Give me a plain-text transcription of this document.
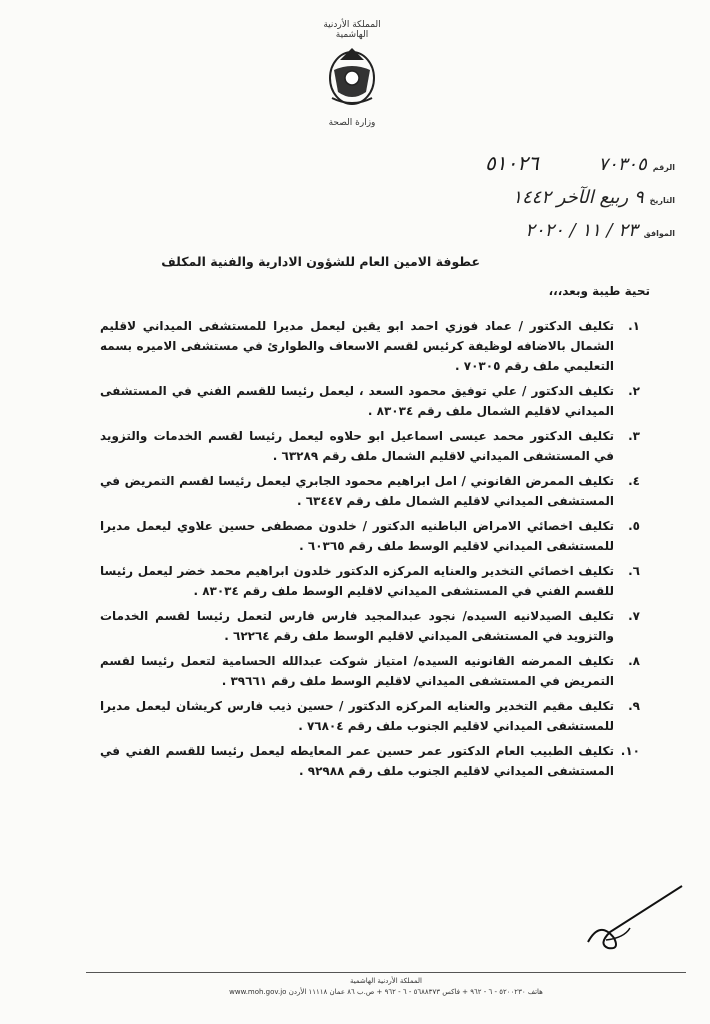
المملكة الأردنية الهاشمية
وزارة الصحة
الرقم
٧٠٣٠٥
٥١٠٢٦
التاريخ
٩ ربيع الآخر ١٤٤٢
الموافق
٢٣ / ١١ / ٢٠٢٠
عطوفة الامين العام للشؤون الادارية والفنية المكلف
تحية طيبة وبعد،،،
١.
تكليف الدكتور / عماد فوزي احمد ابو يقين ليعمل مديرا للمستشفى الميداني لاقليم الشمال بالاضافه لوظيفة كرئيس لقسم الاسعاف والطوارئ في مستشفى الاميره بسمه التعليمي ملف رقم ٧٠٣٠٥ .
٢.
تكليف الدكتور / علي توفيق محمود السعد ، ليعمل رئيسا للقسم الفني في المستشفى الميداني لاقليم الشمال ملف رقم ٨٣٠٣٤ .
٣.
تكليف الدكتور محمد عيسى اسماعيل ابو حلاوه ليعمل رئيسا لقسم الخدمات والتزويد في المستشفى الميداني لاقليم الشمال ملف رقم ٦٣٢٨٩ .
٤.
تكليف الممرض القانوني / امل ابراهيم محمود الجابري ليعمل رئيسا لقسم التمريض في المستشفى الميداني لاقليم الشمال ملف رقم ٦٣٤٤٧ .
٥.
تكليف اخصائي الامراض الباطنيه الدكتور / خلدون مصطفى حسين علاوي ليعمل مديرا للمستشفى الميداني لاقليم الوسط ملف رقم ٦٠٣٦٥ .
٦.
تكليف اخصائي التخدير والعنايه المركزه الدكتور خلدون ابراهيم محمد خضر ليعمل رئيسا للقسم الفني في المستشفى الميداني لاقليم الوسط ملف رقم ٨٣٠٣٤ .
٧.
تكليف الصيدلانيه السيده/ نجود عبدالمجيد فارس فارس لتعمل رئيسا لقسم الخدمات والتزويد في المستشفى الميداني لاقليم الوسط ملف رقم ٦٢٢٦٤ .
٨.
تكليف الممرضه القانونيه السيده/ امتياز شوكت عبدالله الحسامية لتعمل رئيسا لقسم التمريض في المستشفى الميداني لاقليم الوسط ملف رقم ٣٩٦٦١ .
٩.
تكليف مقيم التخدير والعنايه المركزه الدكتور / حسين ذيب فارس كريشان ليعمل مديرا للمستشفى الميداني لاقليم الجنوب ملف رقم ٧٦٨٠٤ .
١٠.
تكليف الطبيب العام الدكتور عمر حسين عمر المعايطه ليعمل رئيسا للقسم الفني في المستشفى الميداني لاقليم الجنوب ملف رقم ٩٢٩٨٨ .
المملكة الأردنية الهاشمية
هاتف ٥٢٠٠٢٣٠ - ٦ - ٩٦٢ + فاكس ٥٦٨٨٣٧٣ - ٦ - ٩٦٢ + ص.ب ٨٦ عمان ١١١١٨ الأردن www.moh.gov.jo
